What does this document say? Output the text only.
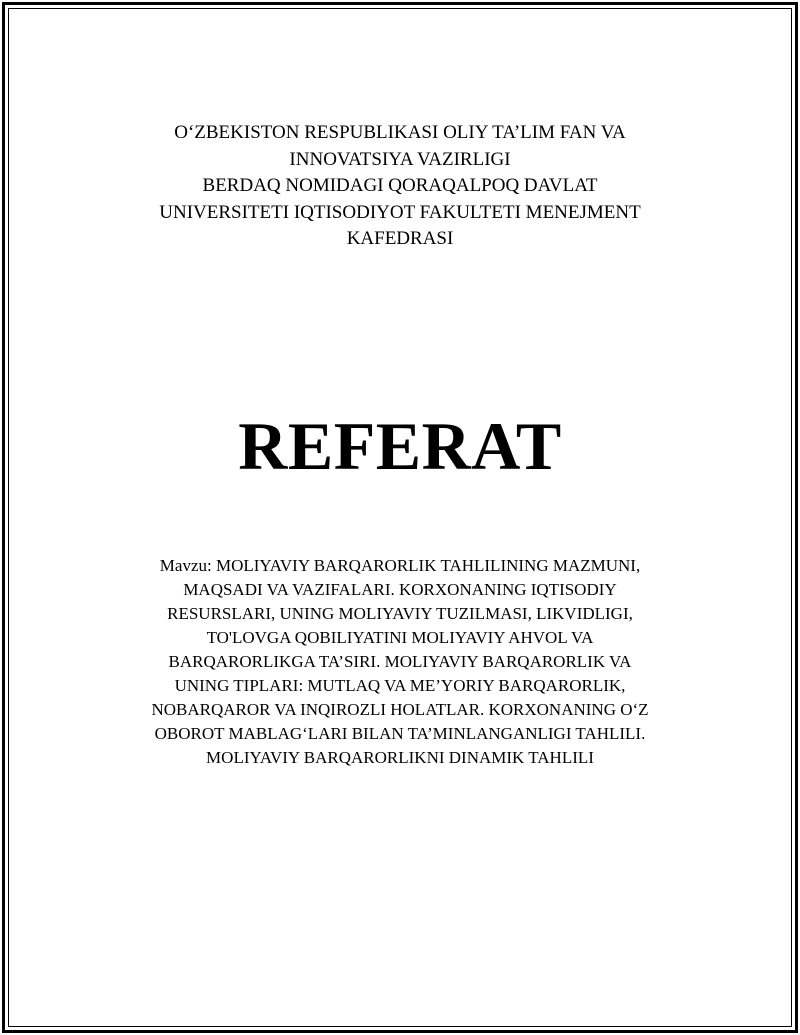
O‘ZBEKISTON RESPUBLIKASI OLIY TA’LIM FAN VA
INNOVATSIYA VAZIRLIGI
BERDAQ NOMIDAGI QORAQALPOQ DAVLAT
UNIVERSITETI IQTISODIYOT FAKULTETI MENEJMENT
KAFEDRASI
REFERAT
Mavzu: MOLIYAVIY BARQARORLIK TAHLILINING MAZMUNI,
MAQSADI VA VAZIFALARI. KORXONANING IQTISODIY
RESURSLARI, UNING MOLIYAVIY TUZILMASI, LIKVIDLIGI,
TO'LOVGA QOBILIYATINI MOLIYAVIY AHVOL VA
BARQARORLIKGA TA’SIRI. MOLIYAVIY BARQARORLIK VA
UNING TIPLARI: MUTLAQ VA ME’YORIY BARQARORLIK,
NOBARQAROR VA INQIROZLI HOLATLAR. KORXONANING O‘Z
OBOROT MABLAG‘LARI BILAN TA’MINLANGANLIGI TAHLILI.
MOLIYAVIY BARQARORLIKNI DINAMIK TAHLILI
